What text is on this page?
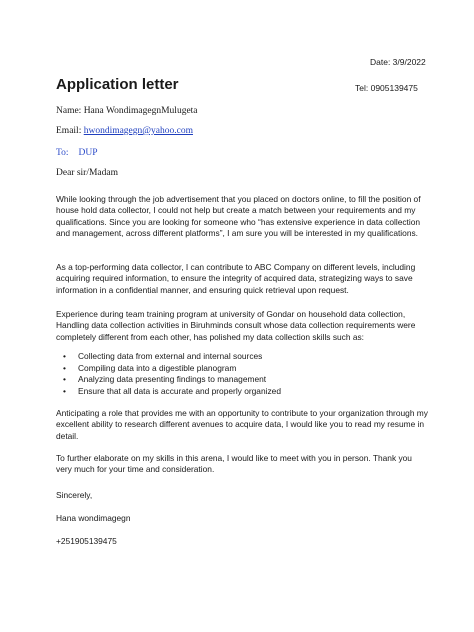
Date: 3/9/2022
Application letter	Tel: 0905139475
Name: Hana WondimagegnMulugeta
Email: hwondimagegn@yahoo.com
To: DUP
Dear sir/Madam

While looking through the job advertisement that you placed on doctors online, to fill the position of house hold data collector, I could not help but create a match between your requirements and my qualifications. Since you are looking for someone who “has extensive experience in data collection and management, across different platforms”, I am sure you will be interested in my qualifications.

As a top-performing data collector, I can contribute to ABC Company on different levels, including acquiring required information, to ensure the integrity of acquired data, strategizing ways to save information in a confidential manner, and ensuring quick retrieval upon request.

Experience during team training program at university of Gondar on household data collection, Handling data collection activities in Biruhminds consult whose data collection requirements were completely different from each other, has polished my data collection skills such as:

• Collecting data from external and internal sources
• Compiling data into a digestible planogram
• Analyzing data presenting findings to management
• Ensure that all data is accurate and properly organized

Anticipating a role that provides me with an opportunity to contribute to your organization through my excellent ability to research different avenues to acquire data, I would like you to read my resume in detail.

To further elaborate on my skills in this arena, I would like to meet with you in person. Thank you very much for your time and consideration.

Sincerely,
Hana wondimagegn
+251905139475
